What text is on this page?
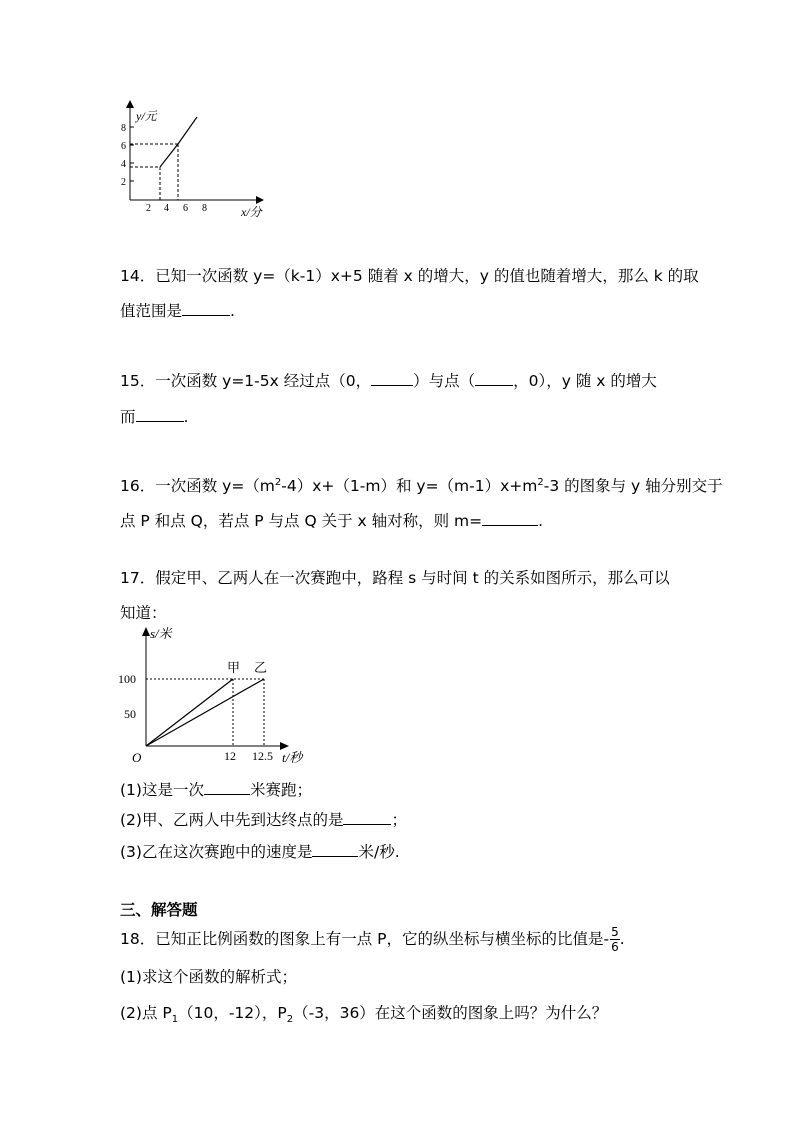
8
6
4
2
2 4 6 8
y/元
x/分
14．已知一次函数 y=（k-1）x+5 随着 x 的增大，y 的值也随着增大，那么 k 的取
值范围是	.
15．一次函数 y=1-5x 经过点（0，	）与点（ ，0），y 随 x 的增大
而	.
16．一次函数 $y=(m^2-4)x+(1-m)$和 $y=(m-1)x+m^2-3$ 的图象与 y 轴分别交于
点 P 和点 Q，若点 P 与点 Q 关于 x 轴对称，则 m=	.
17．假定甲、乙两人在一次赛跑中，路程 s 与时间 t 的关系如图所示，那么可以
知道：
s/米
t/秒
O
100
50
12 12.5
甲 乙
(1)这是一次	米赛跑；
(2)甲、乙两人中先到达终点的是	；
(3)乙在这次赛跑中的速度是	米/秒.
三、解答题
18．已知正比例函数的图象上有一点 P，它的纵坐标与横坐标的比值是- $\frac{5}{6}$ .
(1)求这个函数的解析式；
(2)点 $P_1(10$，-12），$P_2(-3$，36）在这个函数的图象上吗？为什么？
